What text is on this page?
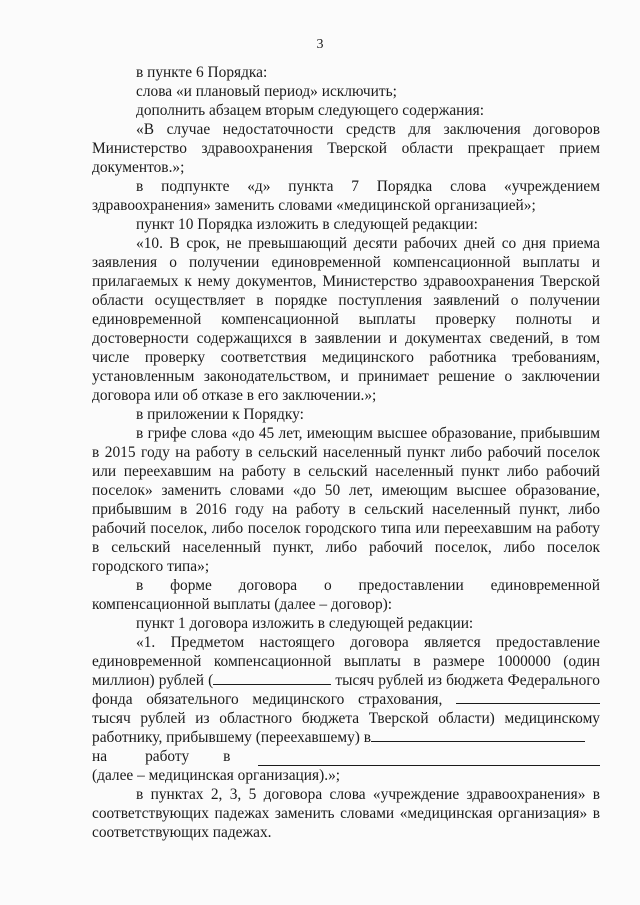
3

в пункте 6 Порядка:

слова «и плановый период» исключить;

дополнить абзацем вторым следующего содержания:

«В случае недостаточности средств для заключения договоров Министерство здравоохранения Тверской области прекращает прием документов.»;

в подпункте «д» пункта 7 Порядка слова «учреждением здравоохранения» заменить словами «медицинской организацией»;

пункт 10 Порядка изложить в следующей редакции:

«10. В срок, не превышающий десяти рабочих дней со дня приема заявления о получении единовременной компенсационной выплаты и прилагаемых к нему документов, Министерство здравоохранения Тверской области осуществляет в порядке поступления заявлений о получении единовременной компенсационной выплаты проверку полноты и достоверности содержащихся в заявлении и документах сведений, в том числе проверку соответствия медицинского работника требованиям, установленным законодательством, и принимает решение о заключении договора или об отказе в его заключении.»;

в приложении к Порядку:

в грифе слова «до 45 лет, имеющим высшее образование, прибывшим в 2015 году на работу в сельский населенный пункт либо рабочий поселок или переехавшим на работу в сельский населенный пункт либо рабочий поселок» заменить словами «до 50 лет, имеющим высшее образование, прибывшим в 2016 году на работу в сельский населенный пункт, либо рабочий поселок, либо поселок городского типа или переехавшим на работу в сельский населенный пункт, либо рабочий поселок, либо поселок городского типа»;

в форме договора о предоставлении единовременной компенсационной выплаты (далее – договор):

пункт 1 договора изложить в следующей редакции:

«1. Предметом настоящего договора является предоставление единовременной компенсационной выплаты в размере 1000000 (один миллион) рублей (	тысяч рублей из бюджета Федерального фонда обязательного медицинского страхования,  тысяч рублей из областного бюджета Тверской области) медицинскому работнику, прибывшему (переехавшему) в

на работу в

(далее – медицинская организация).»;

в пунктах 2, 3, 5 договора слова «учреждение здравоохранения» в соответствующих падежах заменить словами «медицинская организация» в соответствующих падежах.
